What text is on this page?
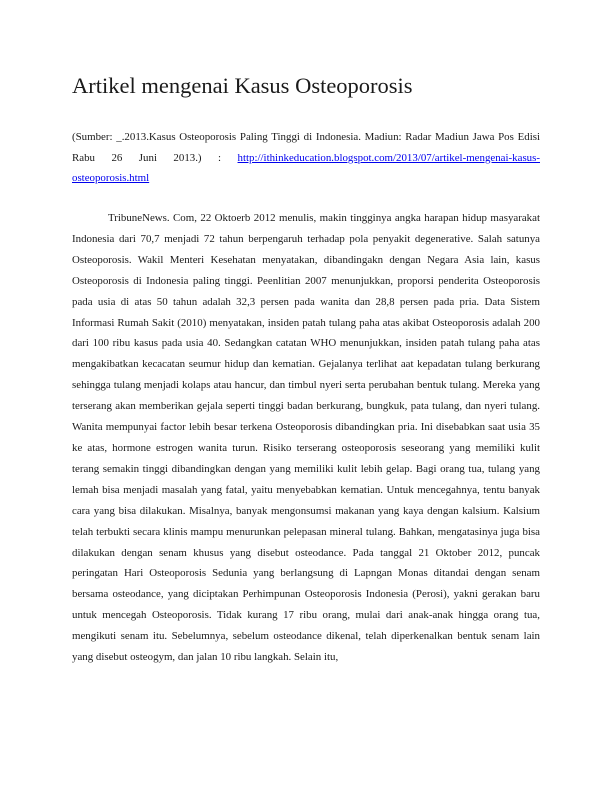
Artikel mengenai Kasus Osteoporosis

(Sumber: _.2013.Kasus Osteoporosis Paling Tinggi di Indonesia. Madiun: Radar Madiun Jawa Pos Edisi Rabu 26 Juni 2013.) : http://ithinkeducation.blogspot.com/2013/07/artikel-mengenai-kasus-osteoporosis.html

TribuneNews. Com, 22 Oktoerb 2012 menulis, makin tingginya angka harapan hidup masyarakat Indonesia dari 70,7 menjadi 72 tahun berpengaruh terhadap pola penyakit degenerative. Salah satunya Osteoporosis. Wakil Menteri Kesehatan menyatakan, dibandingakn dengan Negara Asia lain, kasus Osteoporosis di Indonesia paling tinggi. Peenlitian 2007 menunjukkan, proporsi penderita Osteoporosis pada usia di atas 50 tahun adalah 32,3 persen pada wanita dan 28,8 persen pada pria. Data Sistem Informasi Rumah Sakit (2010) menyatakan, insiden patah tulang paha atas akibat Osteoporosis adalah 200 dari 100 ribu kasus pada usia 40. Sedangkan catatan WHO menunjukkan, insiden patah tulang paha atas mengakibatkan kecacatan seumur hidup dan kematian. Gejalanya terlihat aat kepadatan tulang berkurang sehingga tulang menjadi kolaps atau hancur, dan timbul nyeri serta perubahan bentuk tulang. Mereka yang terserang akan memberikan gejala seperti tinggi badan berkurang, bungkuk, pata tulang, dan nyeri tulang. Wanita mempunyai factor lebih besar terkena Osteoporosis dibandingkan pria. Ini disebabkan saat usia 35 ke atas, hormone estrogen wanita turun. Risiko terserang osteoporosis seseorang yang memiliki kulit terang semakin tinggi dibandingkan dengan yang memiliki kulit lebih gelap. Bagi orang tua, tulang yang lemah bisa menjadi masalah yang fatal, yaitu menyebabkan kematian. Untuk mencegahnya, tentu banyak cara yang bisa dilakukan. Misalnya, banyak mengonsumsi makanan yang kaya dengan kalsium. Kalsium telah terbukti secara klinis mampu menurunkan pelepasan mineral tulang. Bahkan, mengatasinya juga bisa dilakukan dengan senam khusus yang disebut osteodance. Pada tanggal 21 Oktober 2012, puncak peringatan Hari Osteoporosis Sedunia yang berlangsung di Lapngan Monas ditandai dengan senam bersama osteodance, yang diciptakan Perhimpunan Osteoporosis Indonesia (Perosi), yakni gerakan baru untuk mencegah Osteoporosis. Tidak kurang 17 ribu orang, mulai dari anak-anak hingga orang tua, mengikuti senam itu. Sebelumnya, sebelum osteodance dikenal, telah diperkenalkan bentuk senam lain yang disebut osteogym, dan jalan 10 ribu langkah. Selain itu,
